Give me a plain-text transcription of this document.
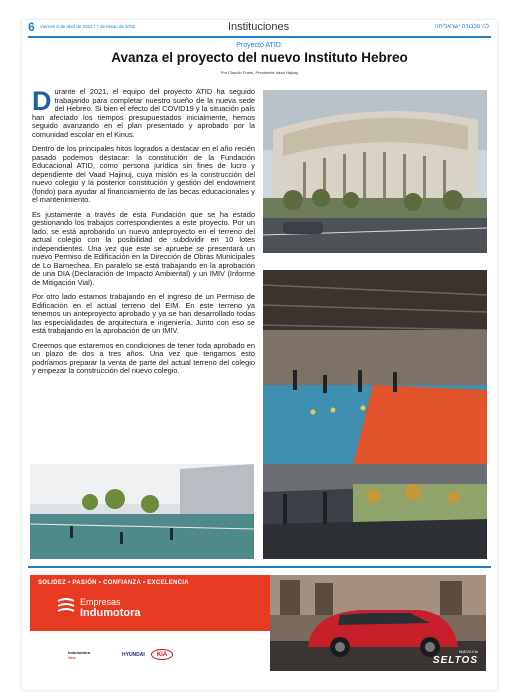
6 Viernes 8 de abril de 2022 / 7 de Nisan de 5782	Instituciones	לה פלבורה ישראליתה
Proyecto ATID:
Avanza el proyecto del nuevo Instituto Hebreo
Por Claudio Porek, Presidente Vaad Hajinuj

Durante el 2021, el equipo del proyecto ATID ha seguido trabajando para completar nuestro sueño de la nueva sede del Hebreo. Si bien el efecto del COVID19 y la situación país han afectado los tiempos presupuestados inicialmente, hemos seguido avanzando en el plan presentado y aprobado por la comunidad escolar en el Kinus.

Dentro de los principales hitos logrados a destacar en el año recién pasado podemos destacar: la constitución de la Fundación Educacional ATID, como persona jurídica sin fines de lucro y dependiente del Vaad Hajinuj, cuya misión es la construcción del nuevo colegio y la posterior constitución y gestión del endowment (fondo) para ayudar al financiamiento de las becas educacionales y el mantenimiento.

Es justamente a través de esta Fundación que se ha estado gestionando los trabajos correspondientes a este proyecto. Por un lado, se está aprobando un nuevo anteproyecto en el terreno del actual colegio con la posibilidad de subdividir en 10 lotes independientes. Una vez que este se apruebe se presentará un nuevo Permiso de Edificación en la Dirección de Obras Municipales de Lo Barnechea. En paralelo se está trabajando en la aprobación de una DIA (Declaración de Impacto Ambiental) y un IMIV (Informe de Mitigación Vial).

Por otro lado estamos trabajando en el ingreso de un Permiso de Edificación en el actual terreno del EIM. En este terreno ya tenemos un anteproyecto aprobado y ya se han desarrollado todas las especialidades de arquitectura e ingeniería. Junto con eso se está trabajando en la aprobación de un IMIV.

Creemos que estaremos en condiciones de tener toda aprobado en un plazo de dos a tres años. Una vez que tengamos esto podríamos preparar la venta de parte del actual terreno del colegio y empezar la construcción del nuevo colegio.

SOLIDEZ • PASIÓN • CONFIANZA • EXCELENCIA
Empresas
Indumotora
Indumotora
One	HYUNDAI	KIA	NUEVO KIA
SELTOS
